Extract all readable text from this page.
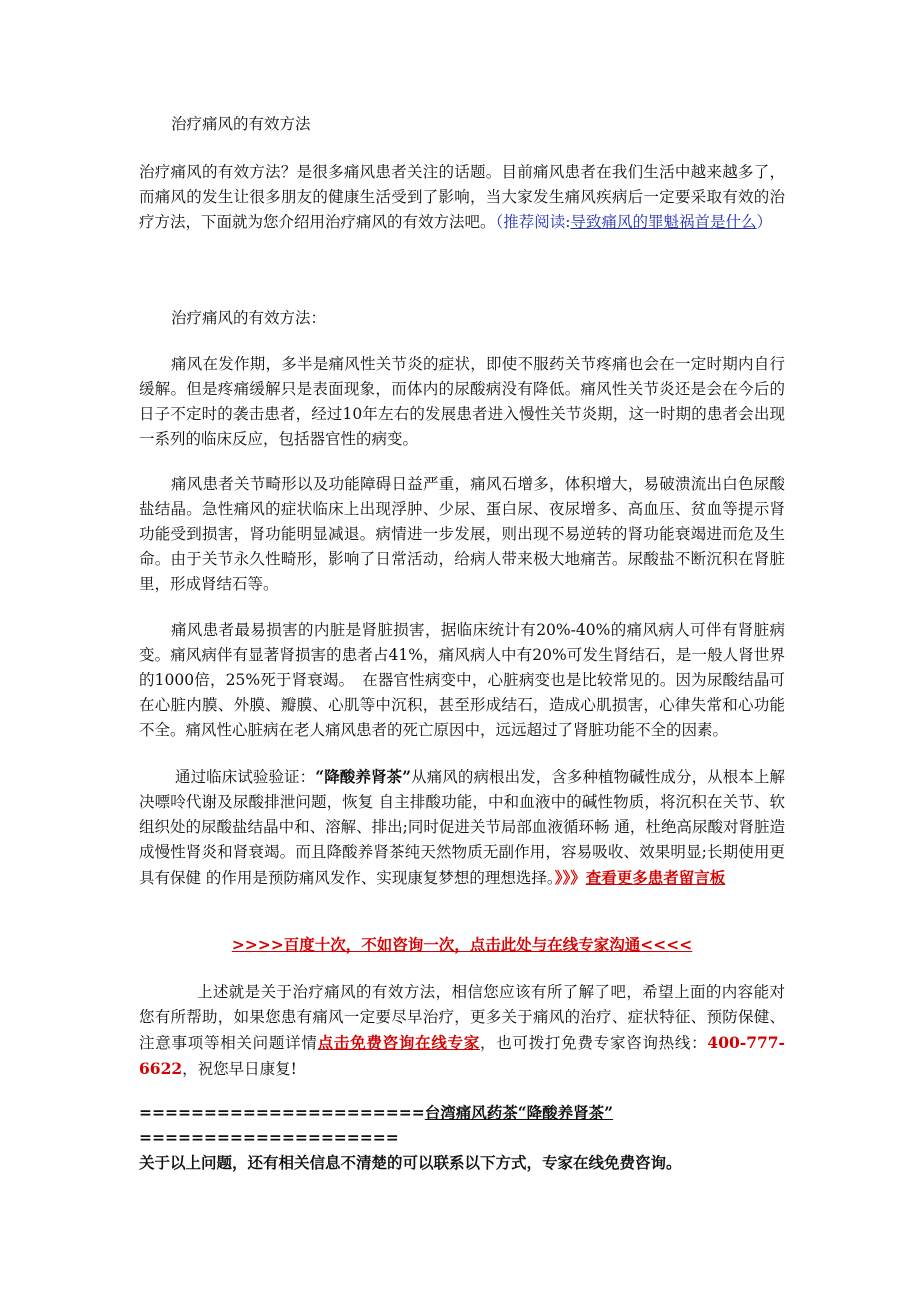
治疗痛风的有效方法

治疗痛风的有效方法？是很多痛风患者关注的话题。目前痛风患者在我们生活中越来越多了，而痛风的发生让很多朋友的健康生活受到了影响，当大家发生痛风疾病后一定要采取有效的治疗方法，下面就为您介绍用治疗痛风的有效方法吧。（推荐阅读:导致痛风的罪魁祸首是什么）

治疗痛风的有效方法：

痛风在发作期，多半是痛风性关节炎的症状，即使不服药关节疼痛也会在一定时期内自行缓解。但是疼痛缓解只是表面现象，而体内的尿酸病没有降低。痛风性关节炎还是会在今后的日子不定时的袭击患者，经过10年左右的发展患者进入慢性关节炎期，这一时期的患者会出现一系列的临床反应，包括器官性的病变。

痛风患者关节畸形以及功能障碍日益严重，痛风石增多，体积增大，易破溃流出白色尿酸盐结晶。急性痛风的症状临床上出现浮肿、少尿、蛋白尿、夜尿增多、高血压、贫血等提示肾功能受到损害，肾功能明显减退。病情进一步发展，则出现不易逆转的肾功能衰竭进而危及生命。由于关节永久性畸形，影响了日常活动，给病人带来极大地痛苦。尿酸盐不断沉积在肾脏里，形成肾结石等。

痛风患者最易损害的内脏是肾脏损害，据临床统计有20%-40%的痛风病人可伴有肾脏病变。痛风病伴有显著肾损害的患者占41%，痛风病人中有20%可发生肾结石，是一般人肾世界的1000倍，25%死于肾衰竭。　在器官性病变中，心脏病变也是比较常见的。因为尿酸结晶可在心脏内膜、外膜、瓣膜、心肌等中沉积，甚至形成结石，造成心肌损害，心律失常和心功能不全。痛风性心脏病在老人痛风患者的死亡原因中，远远超过了肾脏功能不全的因素。

通过临床试验验证：“降酸养肾茶”从痛风的病根出发，含多种植物碱性成分，从根本上解决嘌呤代谢及尿酸排泄问题，恢复 自主排酸功能，中和血液中的碱性物质，将沉积在关节、软组织处的尿酸盐结晶中和、溶解、排出;同时促进关节局部血液循环畅 通，杜绝高尿酸对肾脏造成慢性肾炎和肾衰竭。而且降酸养肾茶纯天然物质无副作用，容易吸收、效果明显;长期使用更具有保健 的作用是预防痛风发作、实现康复梦想的理想选择。》》》查看更多患者留言板

>>>>百度十次，不如咨询一次，点击此处与在线专家沟通<<<<

上述就是关于治疗痛风的有效方法，相信您应该有所了解了吧，希望上面的内容能对您有所帮助，如果您患有痛风一定要尽早治疗，更多关于痛风的治疗、症状特征、预防保健、注意事项等相关问题详情点击免费咨询在线专家，也可拨打免费专家咨询热线：400-777-6622，祝您早日康复!

======================台湾痛风药茶“降酸养肾茶” ====================

关于以上问题，还有相关信息不清楚的可以联系以下方式，专家在线免费咨询。
